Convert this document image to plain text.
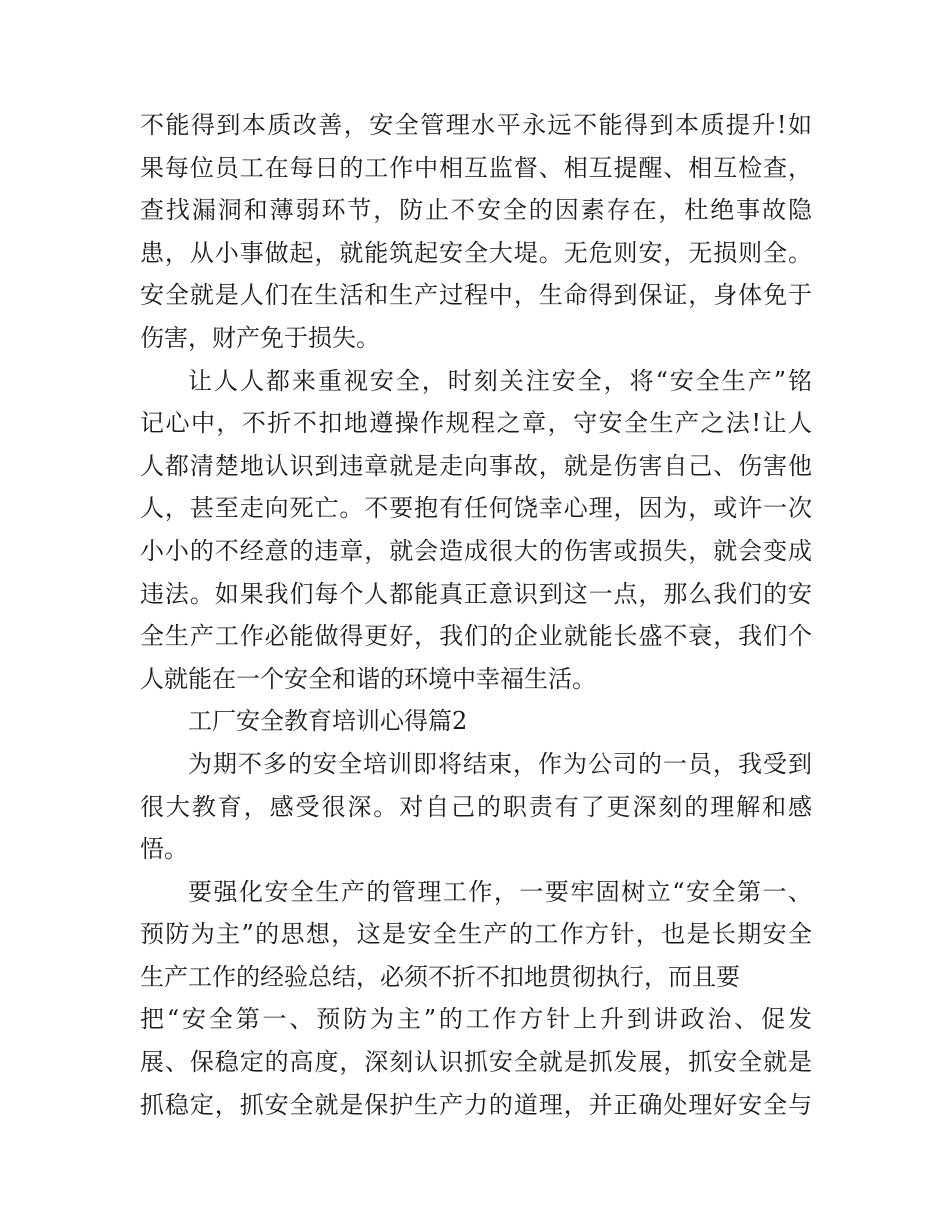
不能得到本质改善，安全管理水平永远不能得到本质提升!如
果每位员工在每日的工作中相互监督、相互提醒、相互检查，
查找漏洞和薄弱环节，防止不安全的因素存在，杜绝事故隐
患，从小事做起，就能筑起安全大堤。无危则安，无损则全。
安全就是人们在生活和生产过程中，生命得到保证，身体免于
伤害，财产免于损失。
让人人都来重视安全，时刻关注安全，将“安全生产”铭
记心中，不折不扣地遵操作规程之章，守安全生产之法!让人
人都清楚地认识到违章就是走向事故，就是伤害自己、伤害他
人，甚至走向死亡。不要抱有任何饶幸心理，因为，或许一次
小小的不经意的违章，就会造成很大的伤害或损失，就会变成
违法。如果我们每个人都能真正意识到这一点，那么我们的安
全生产工作必能做得更好，我们的企业就能长盛不衰，我们个
人就能在一个安全和谐的环境中幸福生活。
工厂安全教育培训心得篇2
为期不多的安全培训即将结束，作为公司的一员，我受到
很大教育，感受很深。对自己的职责有了更深刻的理解和感
悟。
要强化安全生产的管理工作，一要牢固树立“安全第一、
预防为主”的思想，这是安全生产的工作方针，也是长期安全
生产工作的经验总结，必须不折不扣地贯彻执行，而且要
把“安全第一、预防为主”的工作方针上升到讲政治、促发
展、保稳定的高度，深刻认识抓安全就是抓发展，抓安全就是
抓稳定，抓安全就是保护生产力的道理，并正确处理好安全与
